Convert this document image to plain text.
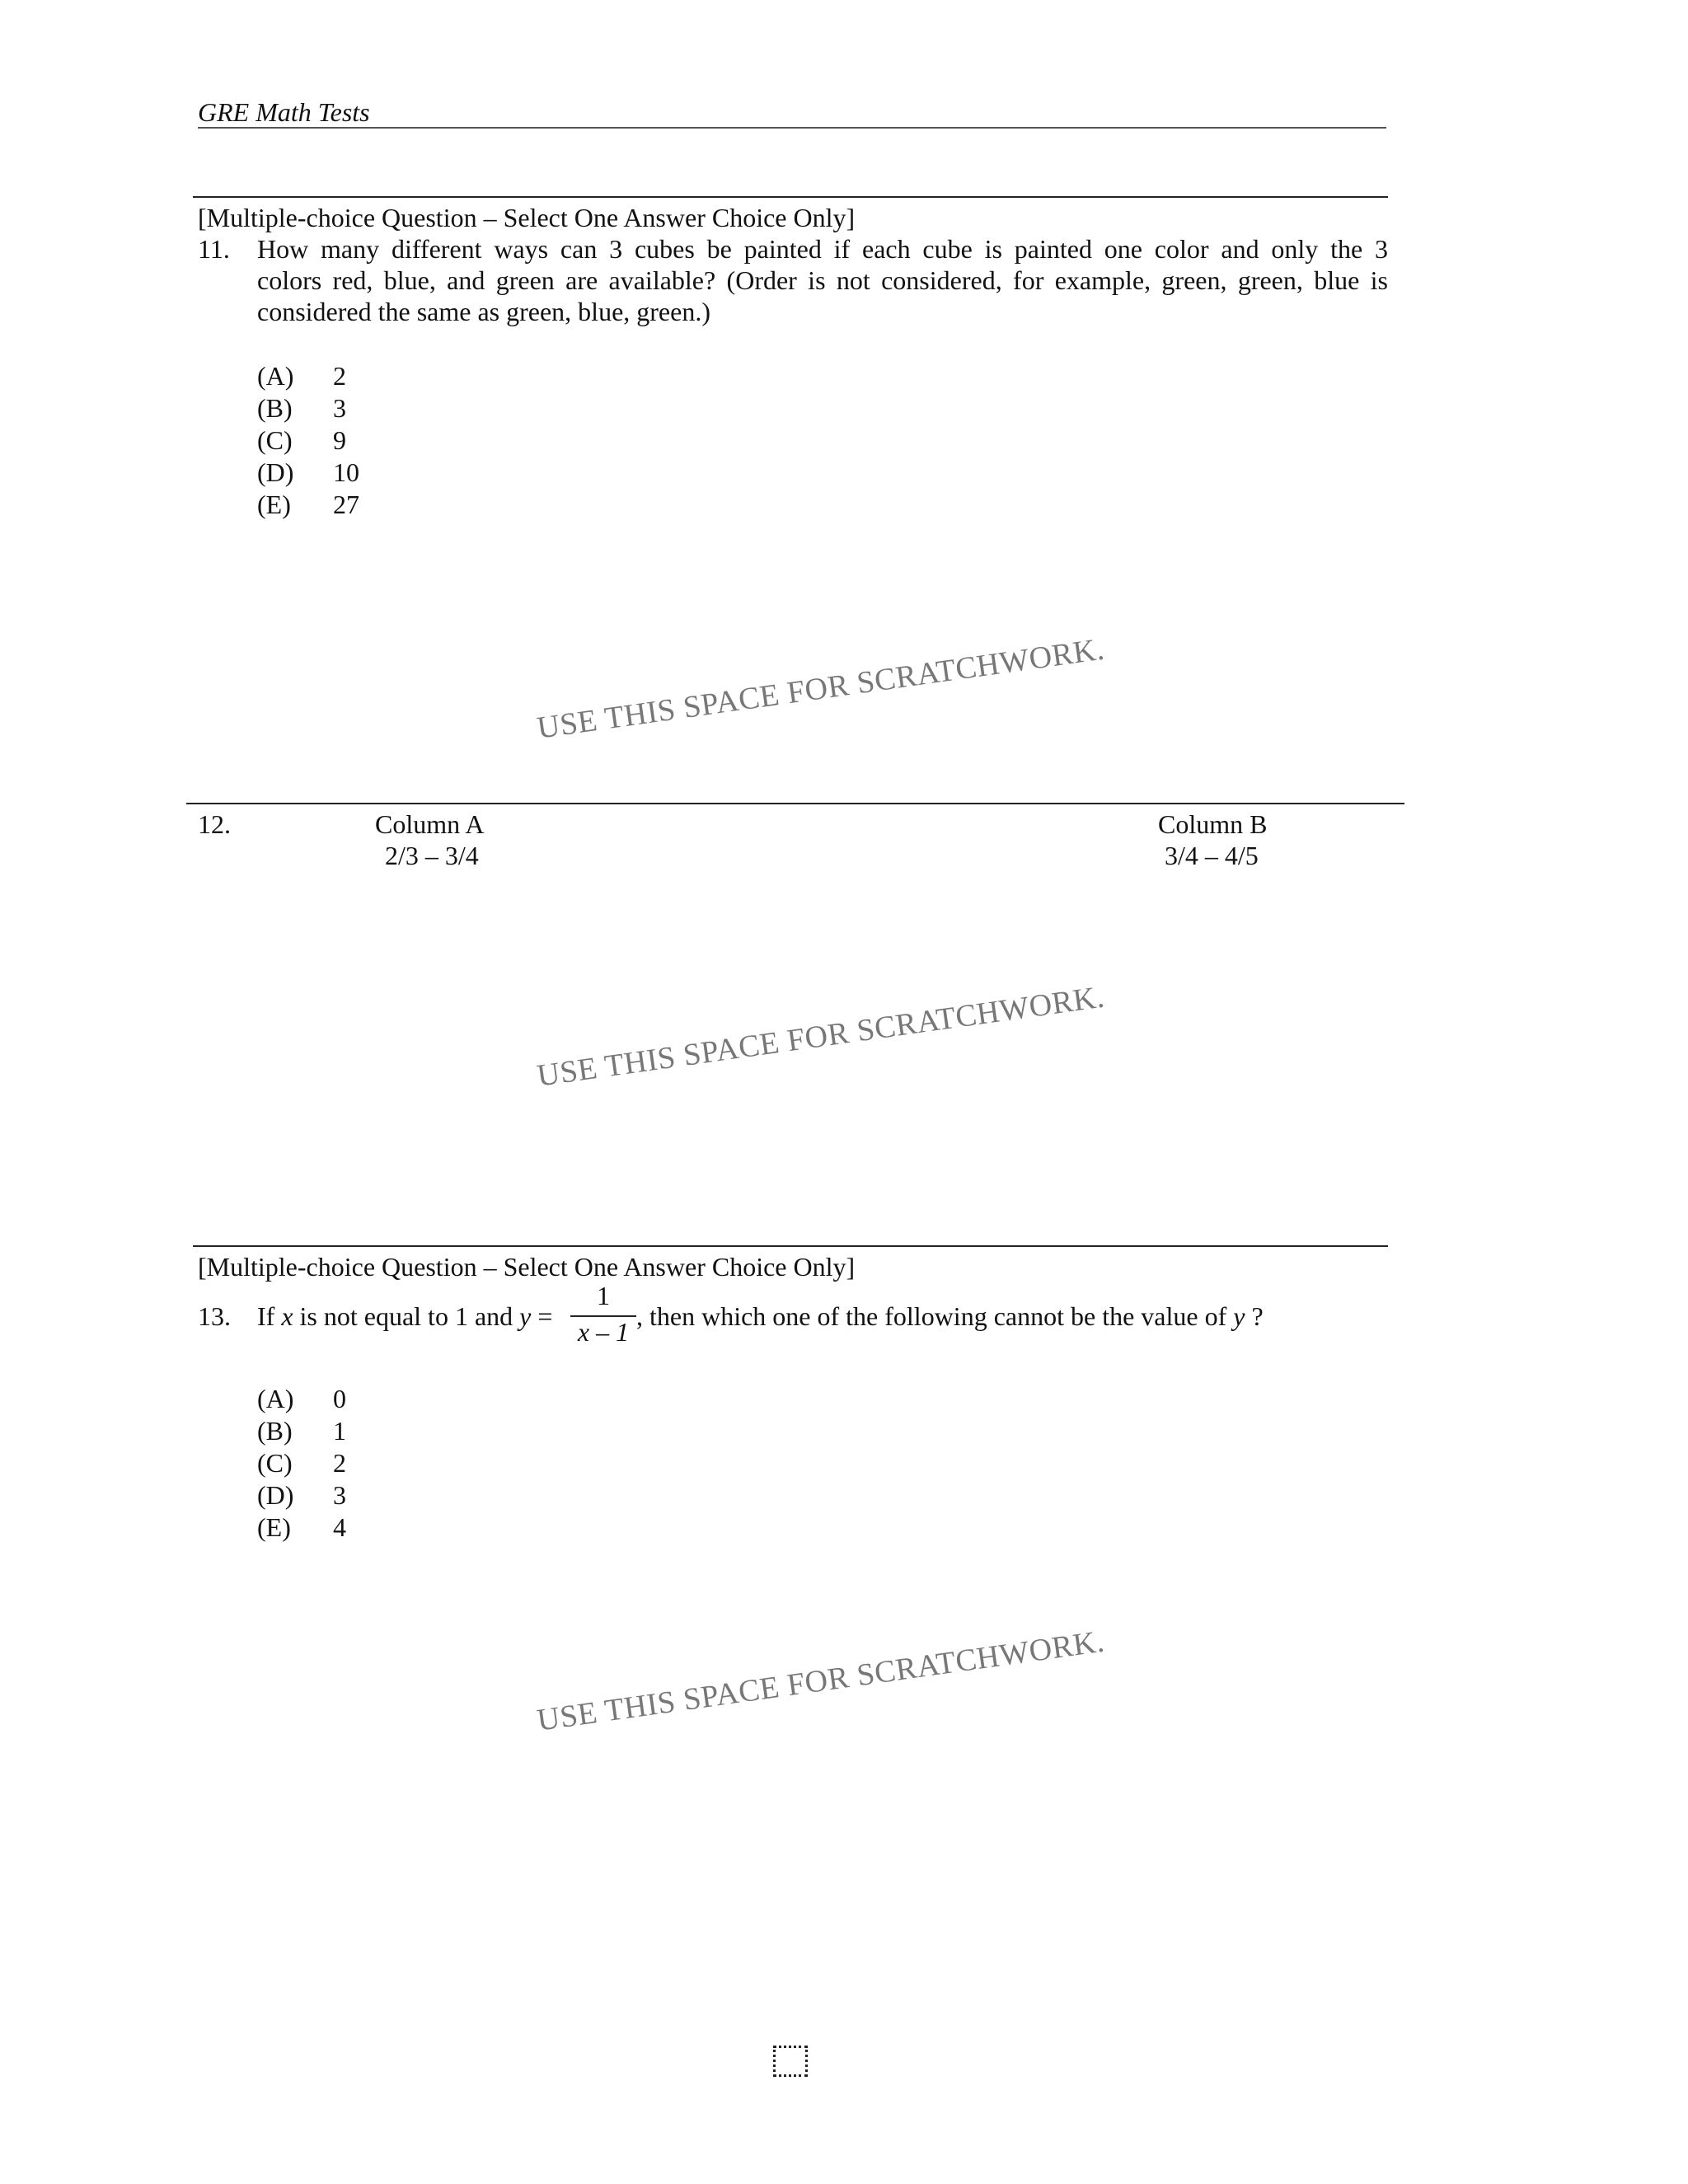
GRE Math Tests
[Multiple-choice Question – Select One Answer Choice Only]
11. How many different ways can 3 cubes be painted if each cube is painted one color and only the 3
colors red, blue, and green are available? (Order is not considered, for example, green, green, blue is
considered the same as green, blue, green.)
(A) 2
(B) 3
(C) 9
(D) 10
(E) 27
USE THIS SPACE FOR SCRATCHWORK.
12.	Column A
2/3 – 3/4
Column B
3/4 – 4/5
USE THIS SPACE FOR SCRATCHWORK.
[Multiple-choice Question – Select One Answer Choice Only]
13. If x is not equal to 1 and y =
1
x – 1
, then which one of the following cannot be the value of y ?
(A) 0
(B) 1
(C) 2
(D) 3
(E) 4
USE THIS SPACE FOR SCRATCHWORK.
